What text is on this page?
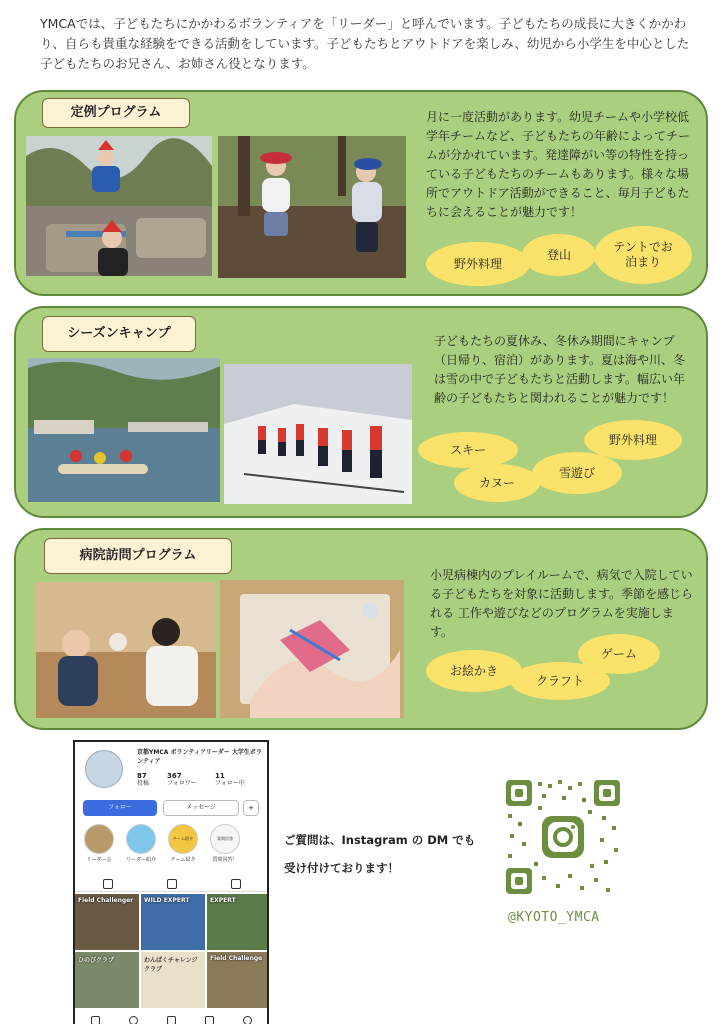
YMCAでは、子どもたちにかかわるボランティアを「リーダー」と呼んでいます。子どもたちの成長に大きくかかわり、自らも貴重な経験をできる活動をしています。子どもたちとアウトドアを楽しみ、幼児から小学生を中心とした子どもたちのお兄さん、お姉さん役となります。

定例プログラム	月に一度活動があります。幼児チームや小学校低学年チームなど、子どもたちの年齢によってチームが分かれています。発達障がい等の特性を持っている子どもたちのチームもあります。様々な場所でアウトドア活動ができること、毎月子どもたちに会えることが魅力です！

野外料理
登山
テントでお泊まり
シーズンキャンプ	子どもたちの夏休み、冬休み期間にキャンプ（日帰り、宿泊）があります。夏は海や川、冬は雪の中で子どもたちと活動します。幅広い年齢の子どもたちと関われることが魅力です！

スキー
野外料理
雪遊び
カヌー
病院訪問プログラム

小児病棟内のプレイルームで、病気で入院している子どもたちを対象に活動します。季節を感じられる 工作や遊びなどのプログラムを実施します。

ゲーム
お絵かき
クラフト
京都YMCA ボランティアリーダー 大学生ボランティア
87
投稿
367
フォロワー
11
フォロー中
フォロー	メッセージ	+
リーダー会	リーダー紹介
チーム紹介
チーム紹介
質問回答
質問回答！
Field Challenger	WILD EXPERT	EXPERT
ひのびクラブ	わんぱくチャレンジクラブ
Field Challenge
ご質問は、Instagram の DM でも
受け付けております！
@KYOTO_YMCA
